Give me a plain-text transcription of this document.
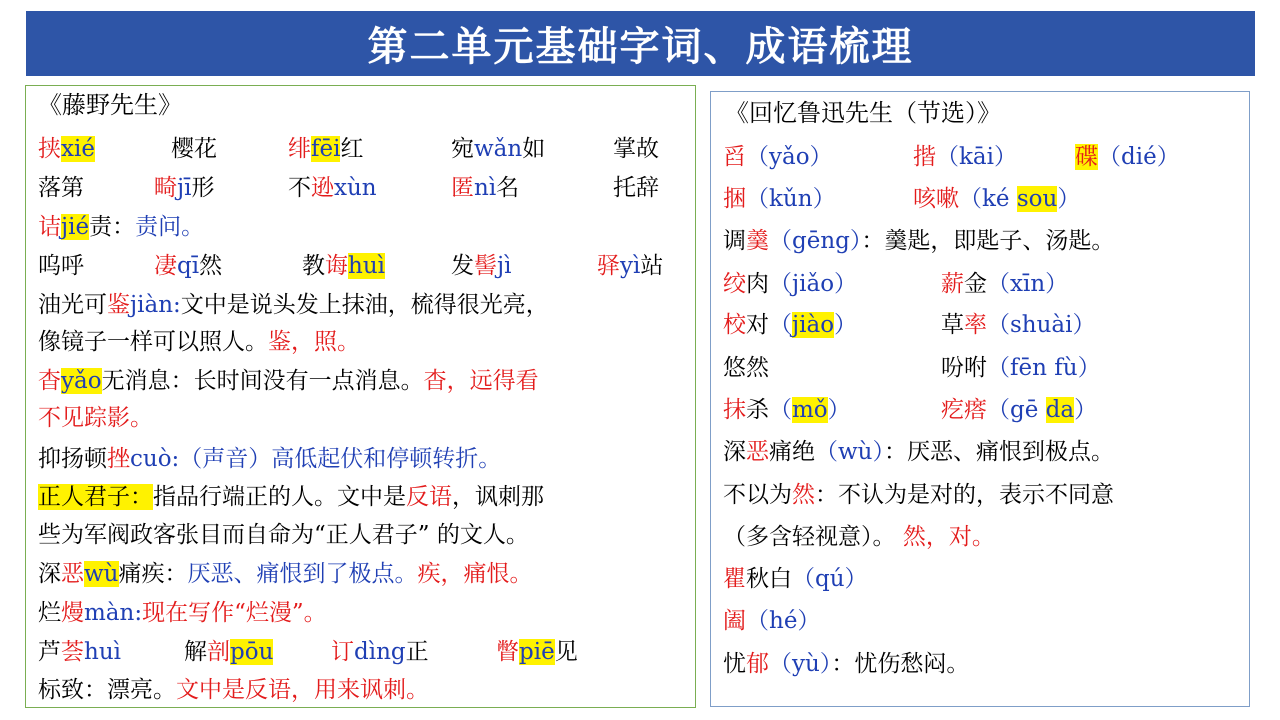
第二单元基础字词、成语梳理
《藤野先生》
挟xié	樱花	绯fēi红	宛wǎn如	掌故
落第	畸jī形	不逊xùn	匿nì名	托辞
诘jié责：责问。
呜呼	凄qī然	教诲huì	发髻jì	驿yì站
油光可鉴jiàn:文中是说头发上抹油，梳得很光亮，
像镜子一样可以照人。鉴，照。
杳yǎo无消息：长时间没有一点消息。杳，远得看
不见踪影。
抑扬顿挫cuò:（声音）高低起伏和停顿转折。
正人君子：指品行端正的人。文中是反语，讽刺那
些为军阀政客张目而自命为“正人君子” 的文人。
深恶wù痛疾：厌恶、痛恨到了极点。疾，痛恨。
烂熳màn:现在写作“烂漫”。
芦荟huì	解剖pōu	订dìng正	瞥piē见
标致：漂亮。文中是反语，用来讽刺。
《回忆鲁迅先生（节选）》
舀（yǎo）	揩（kāi）	碟（dié）
捆（kǔn）	咳嗽（ké sou）
调羹（gēng）：羹匙，即匙子、汤匙。
绞肉（jiǎo）	薪金（xīn）
校对（jiào）	草率（shuài）
悠然	吩咐（fēn fù）
抹杀（mǒ）	疙瘩（gē da）
深恶痛绝（wù）：厌恶、痛恨到极点。
不以为然：不认为是对的，表示不同意
（多含轻视意）。 然，对。
瞿秋白（qú）
阖（hé）
忧郁（yù）：忧伤愁闷。
